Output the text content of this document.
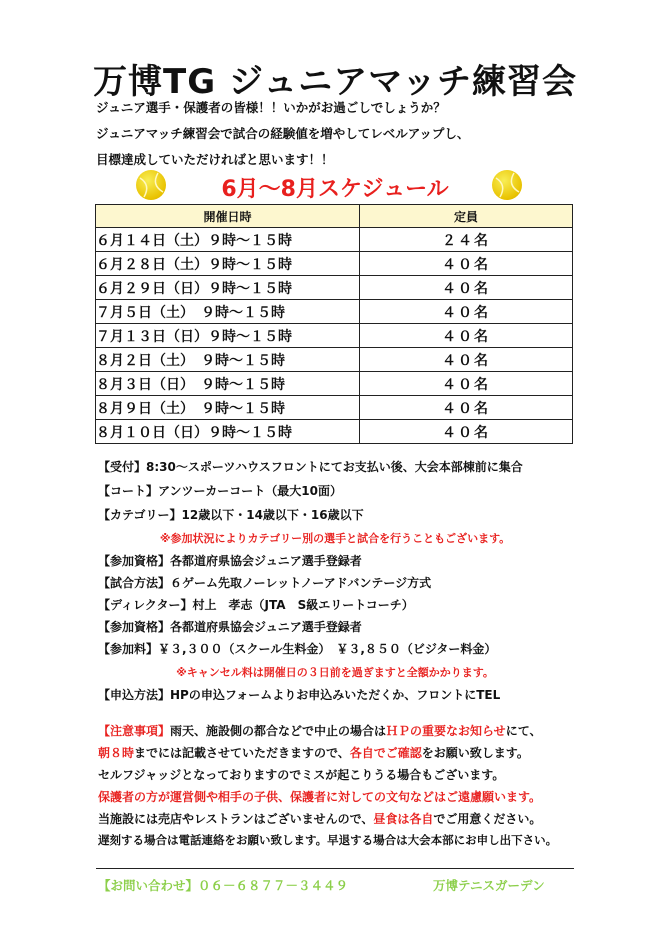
万博TG ジュニアマッチ練習会
ジュニア選手・保護者の皆様！！いかがお過ごしでしょうか？
ジュニアマッチ練習会で試合の経験値を増やしてレベルアップし、
目標達成していただければと思います！！
6月～8月スケジュール
開催日時	定員
６月１４日（土）９時～１５時	２４名
６月２８日（土）９時～１５時	４０名
６月２９日（日）９時～１５時	４０名
７月５日（土）　９時～１５時	４０名
７月１３日（日）９時～１５時	４０名
８月２日（土）　９時～１５時	４０名
８月３日（日）　９時～１５時	４０名
８月９日（土）　９時～１５時	４０名
８月１０日（日）９時～１５時	４０名
【受付】8:30～スポーツハウスフロントにてお支払い後、大会本部棟前に集合
【コート】アンツーカーコート（最大10面）
【カテゴリー】12歳以下・14歳以下・16歳以下
※参加状況によりカテゴリー別の選手と試合を行うこともございます。
【参加資格】各都道府県協会ジュニア選手登録者
【試合方法】６ゲーム先取ノーレットノーアドバンテージ方式
【ディレクター】村上　孝志（JTA　S級エリートコーチ）
【参加資格】各都道府県協会ジュニア選手登録者
【参加料】￥３,３００（スクール生料金）　￥３,８５０（ビジター料金）
※キャンセル料は開催日の３日前を過ぎますと全額かかります。
【申込方法】HPの申込フォームよりお申込みいただくか、フロントにTEL
【注意事項】雨天、施設側の都合などで中止の場合はＨＰの重要なお知らせにて、
朝８時までには記載させていただきますので、各自でご確認をお願い致します。
セルフジャッジとなっておりますのでミスが起こりうる場合もございます。
保護者の方が運営側や相手の子供、保護者に対しての文句などはご遠慮願います。
当施設には売店やレストランはございませんので、昼食は各自でご用意ください。
遅刻する場合は電話連絡をお願い致します。早退する場合は大会本部にお申し出下さい。
【お問い合わせ】０６－６８７７－３４４９	万博テニスガーデン
